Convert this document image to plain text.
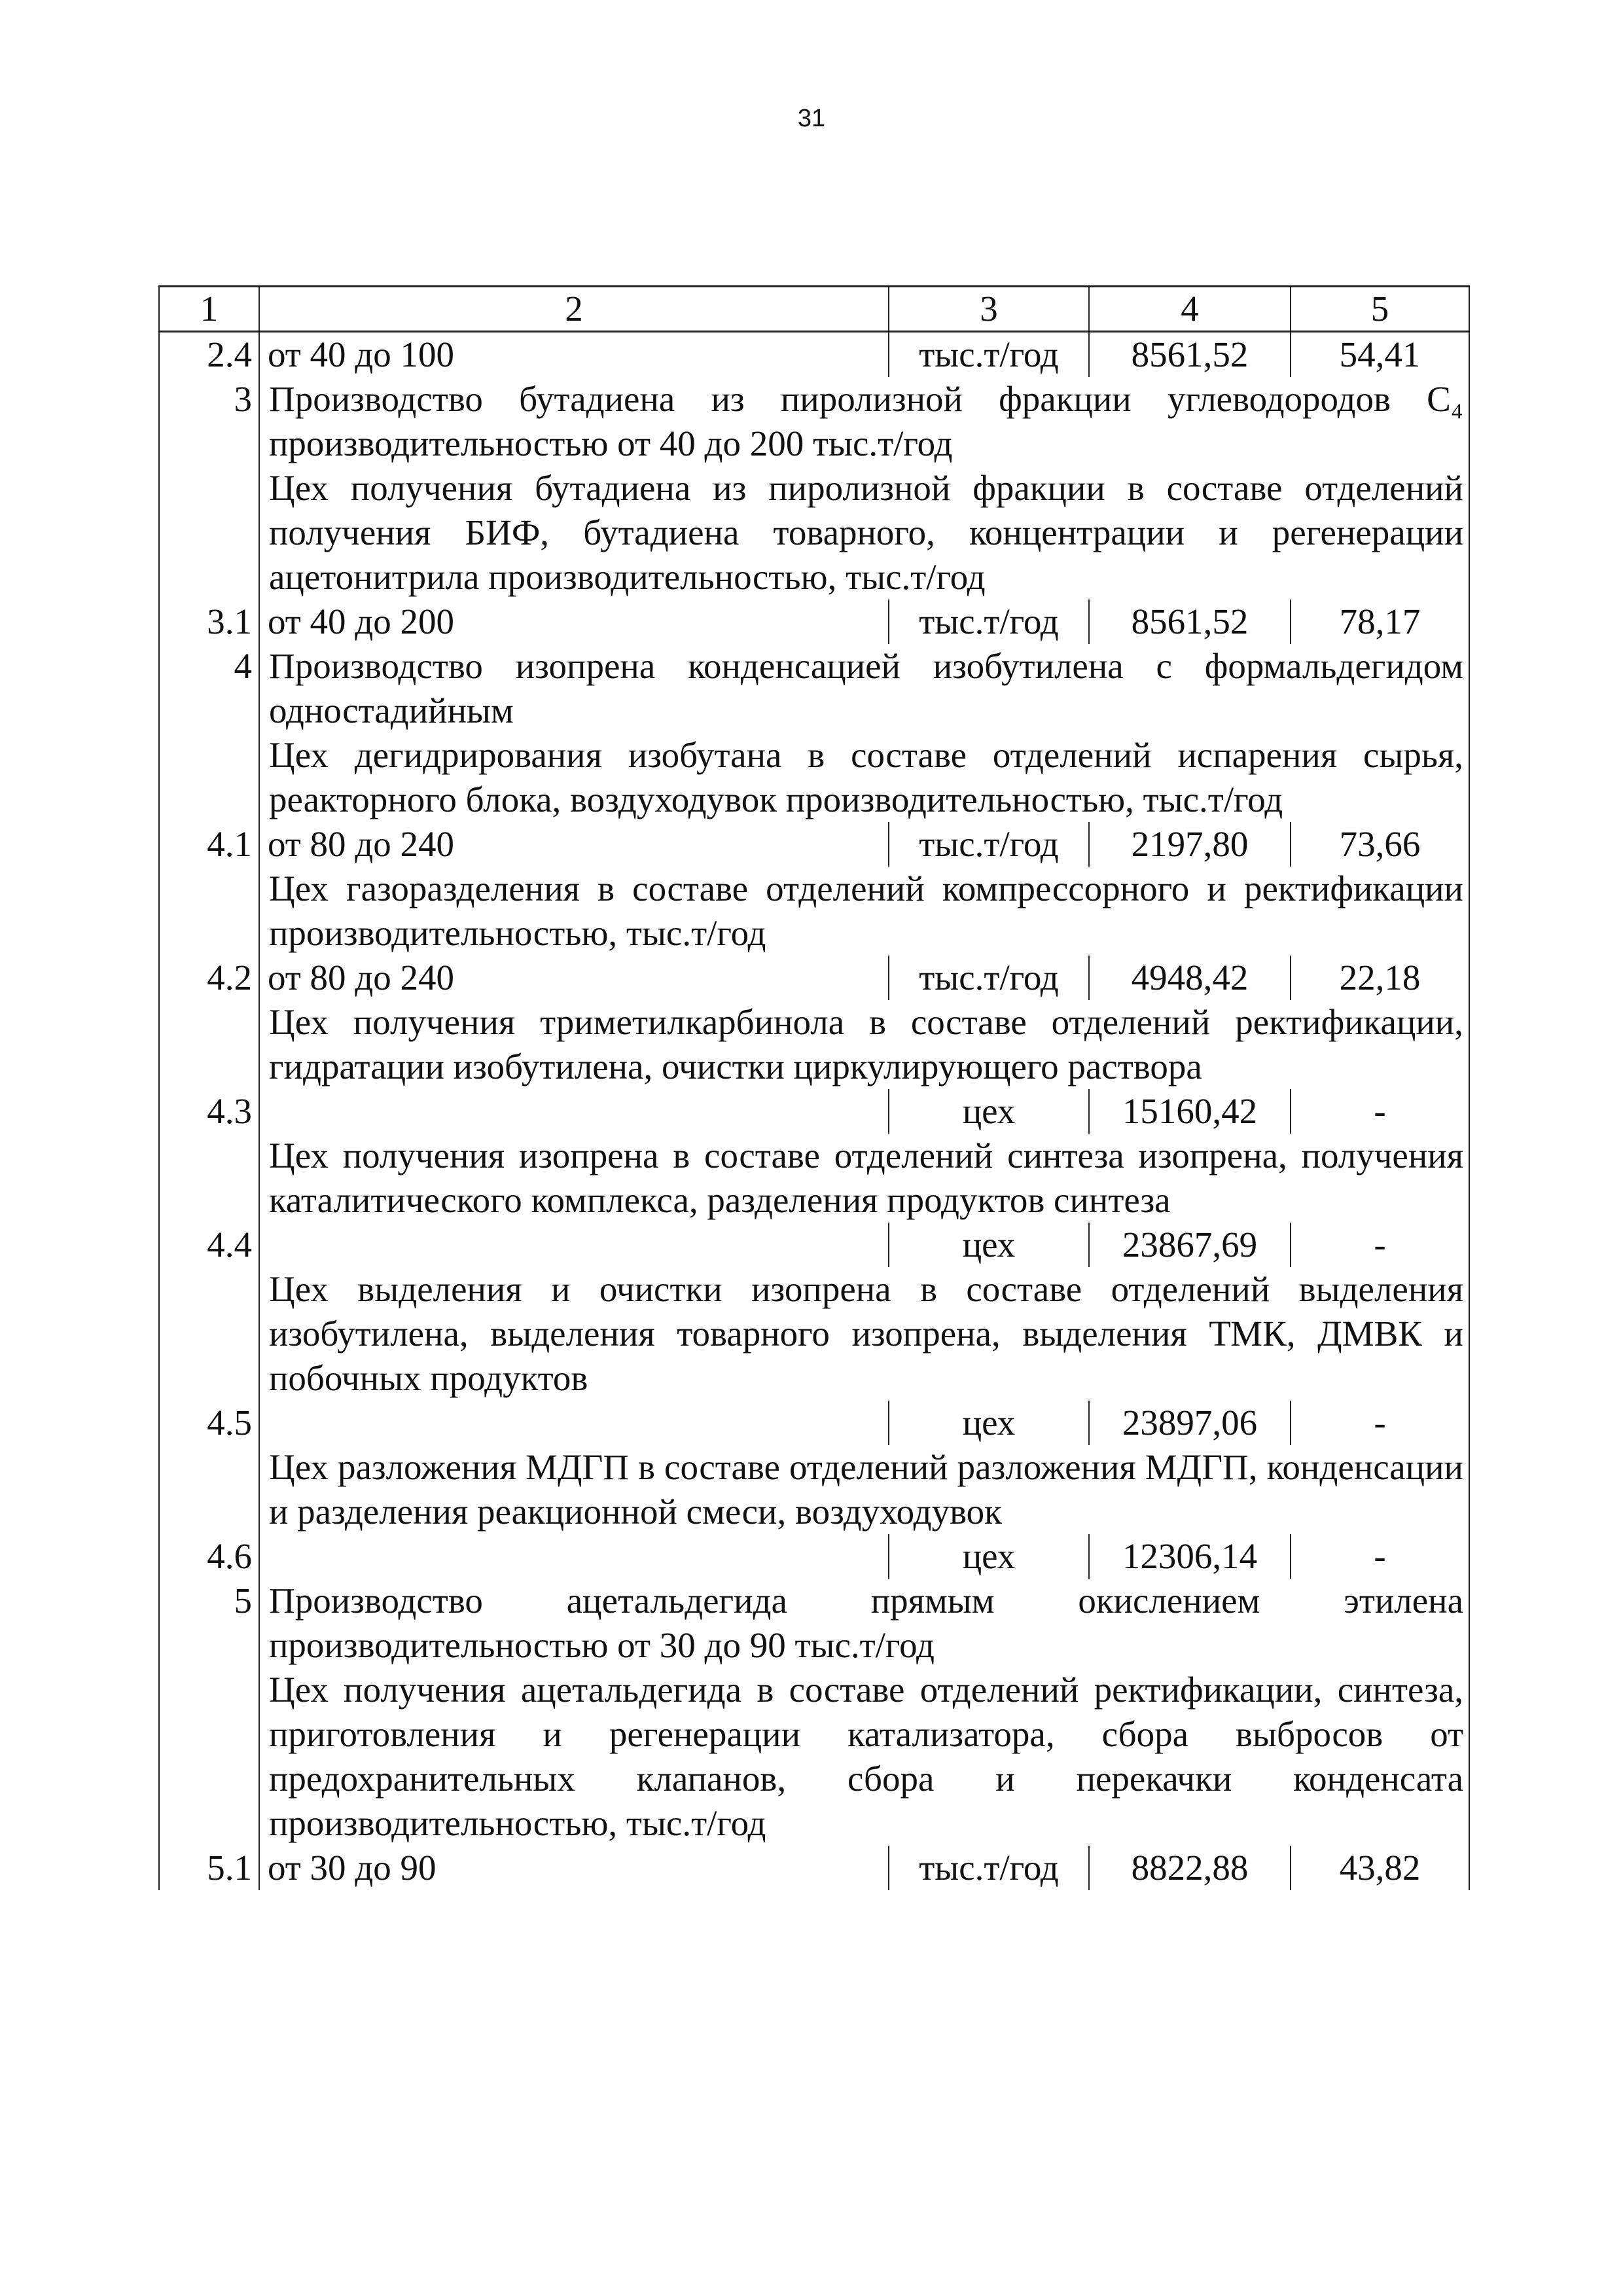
31
1	2	3	4	5
2.4	от 40 до 100	тыс.т/год	8561,52	54,41
3	Производство бутадиена из пиролизной фракции углеводородов C₄ производительностью от 40 до 200 тыс.т/год			
	Цех получения бутадиена из пиролизной фракции в составе отделений получения БИФ, бутадиена товарного, концентрации и регенерации ацетонитрила производительностью, тыс.т/год			
3.1	от 40 до 200	тыс.т/год	8561,52	78,17
4	Производство изопрена конденсацией изобутилена с формальдегидом одностадийным			
	Цех дегидрирования изобутана в составе отделений испарения сырья, реакторного блока, воздуходувок производительностью, тыс.т/год			
4.1	от 80 до 240	тыс.т/год	2197,80	73,66
	Цех газоразделения в составе отделений компрессорного и ректификации производительностью, тыс.т/год			
4.2	от 80 до 240	тыс.т/год	4948,42	22,18
	Цех получения триметилкарбинола в составе отделений ректификации, гидратации изобутилена, очистки циркулирующего раствора			
4.3		цех	15160,42	-
	Цех получения изопрена в составе отделений синтеза изопрена, получения каталитического комплекса, разделения продуктов синтеза			
4.4		цех	23867,69	-
	Цех выделения и очистки изопрена в составе отделений выделения изобутилена, выделения товарного изопрена, выделения ТМК, ДМВК и побочных продуктов			
4.5		цех	23897,06	-
	Цех разложения МДГП в составе отделений разложения МДГП, конденсации и разделения реакционной смеси, воздуходувок			
4.6		цех	12306,14	-
5	Производство ацетальдегида прямым окислением этилена производительностью от 30 до 90 тыс.т/год			
	Цех получения ацетальдегида в составе отделений ректификации, синтеза, приготовления и регенерации катализатора, сбора выбросов от предохранительных клапанов, сбора и перекачки конденсата производительностью, тыс.т/год			
5.1	от 30 до 90	тыс.т/год	8822,88	43,82
